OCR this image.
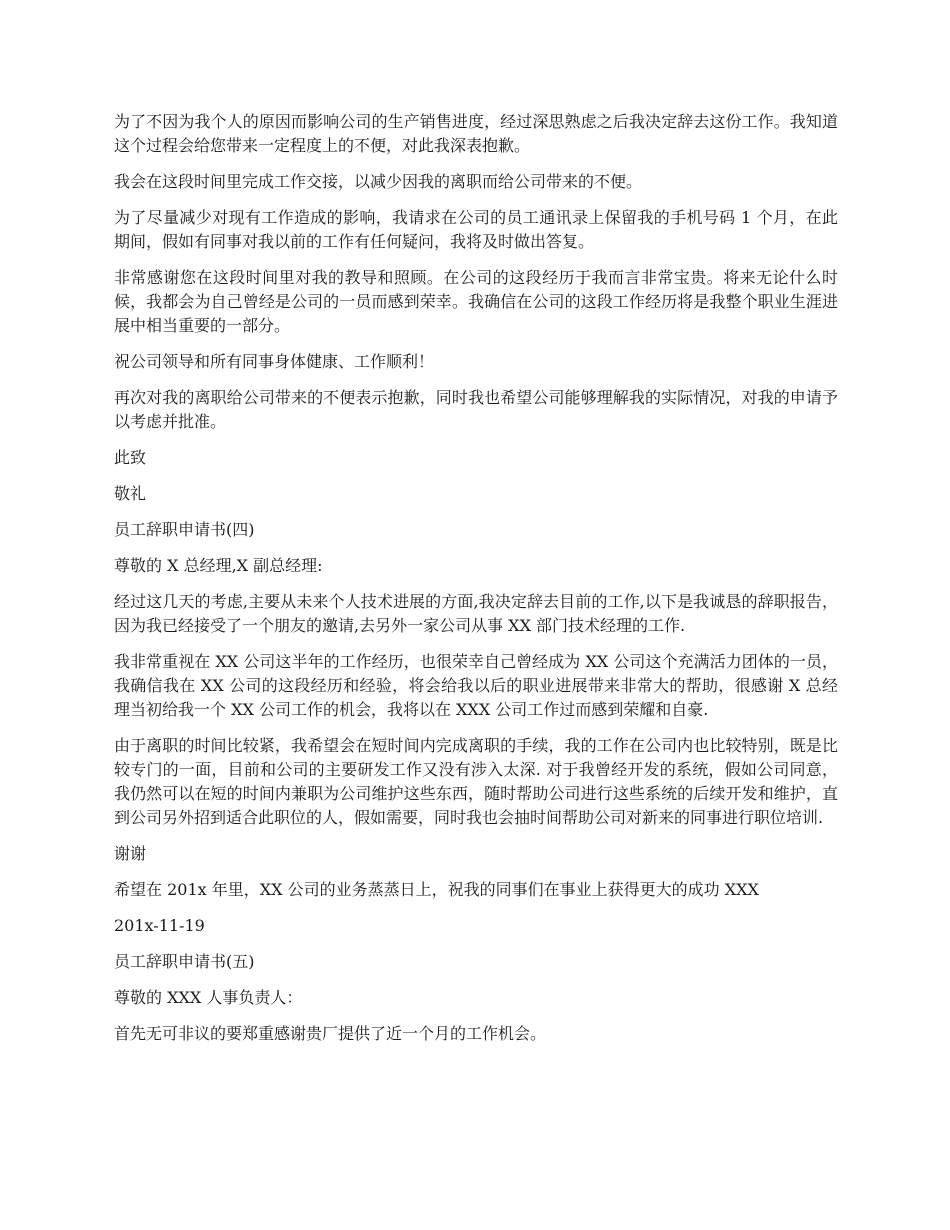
为了不因为我个人的原因而影响公司的生产销售进度，经过深思熟虑之后我决定辞去这份工作。我知道这个过程会给您带来一定程度上的不便，对此我深表抱歉。

我会在这段时间里完成工作交接，以减少因我的离职而给公司带来的不便。

为了尽量减少对现有工作造成的影响，我请求在公司的员工通讯录上保留我的手机号码 1 个月，在此期间，假如有同事对我以前的工作有任何疑问，我将及时做出答复。

非常感谢您在这段时间里对我的教导和照顾。在公司的这段经历于我而言非常宝贵。将来无论什么时候，我都会为自己曾经是公司的一员而感到荣幸。我确信在公司的这段工作经历将是我整个职业生涯进展中相当重要的一部分。

祝公司领导和所有同事身体健康、工作顺利！

再次对我的离职给公司带来的不便表示抱歉，同时我也希望公司能够理解我的实际情况，对我的申请予以考虑并批准。

此致

敬礼

员工辞职申请书(四)

尊敬的 X 总经理,X 副总经理:

经过这几天的考虑,主要从未来个人技术进展的方面,我决定辞去目前的工作,以下是我诚恳的辞职报告，因为我已经接受了一个朋友的邀请,去另外一家公司从事 XX 部门技术经理的工作.

我非常重视在 XX 公司这半年的工作经历，也很荣幸自己曾经成为 XX 公司这个充满活力团体的一员，我确信我在 XX 公司的这段经历和经验，将会给我以后的职业进展带来非常大的帮助，很感谢 X 总经理当初给我一个 XX 公司工作的机会，我将以在 XXX 公司工作过而感到荣耀和自豪.

由于离职的时间比较紧，我希望会在短时间内完成离职的手续，我的工作在公司内也比较特别，既是比较专门的一面，目前和公司的主要研发工作又没有涉入太深. 对于我曾经开发的系统，假如公司同意，我仍然可以在短的时间内兼职为公司维护这些东西，随时帮助公司进行这些系统的后续开发和维护，直到公司另外招到适合此职位的人，假如需要，同时我也会抽时间帮助公司对新来的同事进行职位培训.

谢谢

希望在 201x 年里，XX 公司的业务蒸蒸日上，祝我的同事们在事业上获得更大的成功 XXX

201x-11-19

员工辞职申请书(五)

尊敬的 XXX 人事负责人：

首先无可非议的要郑重感谢贵厂提供了近一个月的工作机会。
